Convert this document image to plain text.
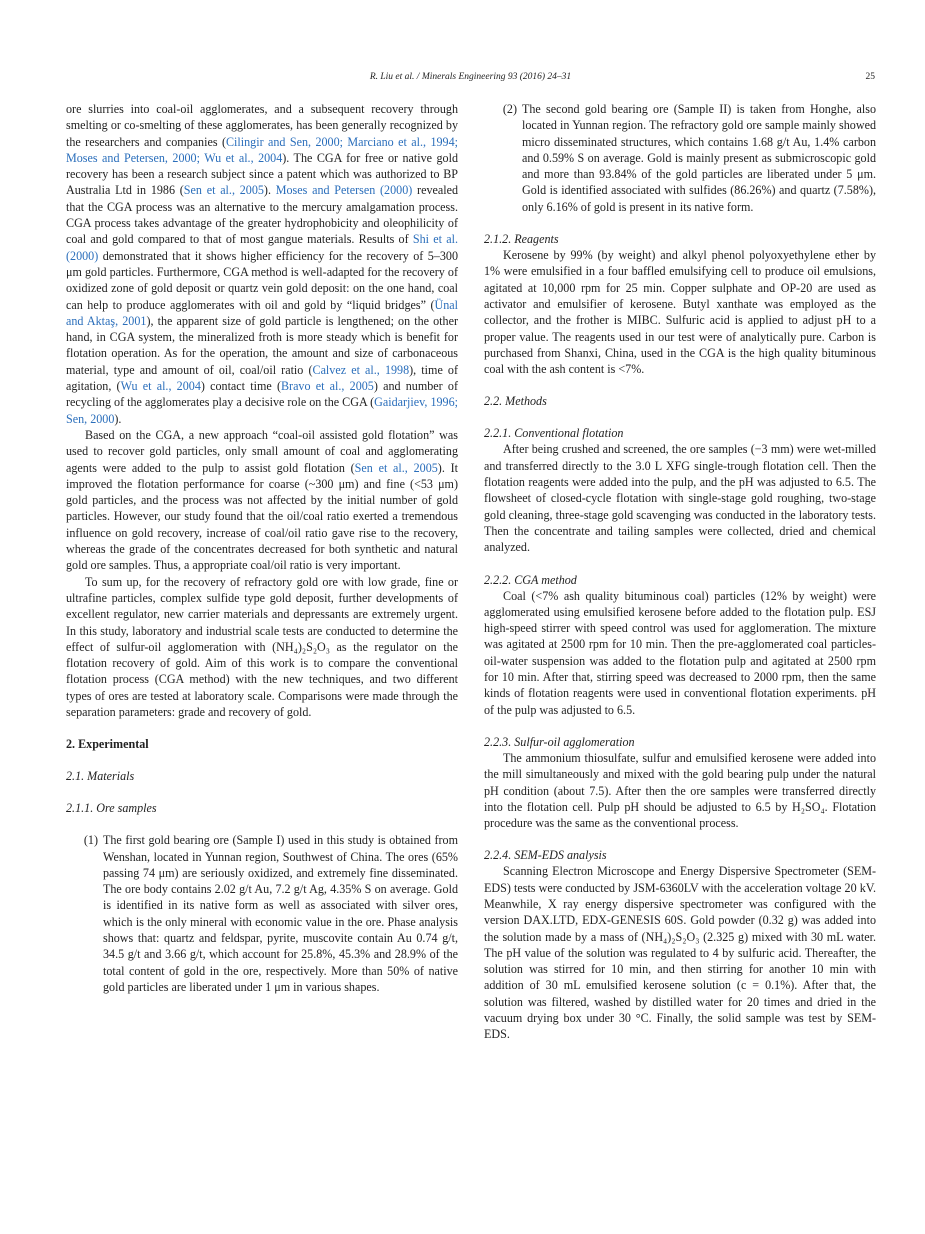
R. Liu et al. / Minerals Engineering 93 (2016) 24–31	25

ore slurries into coal-oil agglomerates, and a subsequent recovery through smelting or co-smelting of these agglomerates, has been generally recognized by the researchers and companies (Cilingir and Sen, 2000; Marciano et al., 1994; Moses and Petersen, 2000; Wu et al., 2004). The CGA for free or native gold recovery has been a research subject since a patent which was authorized to BP Australia Ltd in 1986 (Sen et al., 2005). Moses and Petersen (2000) revealed that the CGA process was an alternative to the mercury amalgamation process. CGA process takes advantage of the greater hydrophobicity and oleophilicity of coal and gold compared to that of most gangue materials. Results of Shi et al. (2000) demonstrated that it shows higher efficiency for the recovery of 5–300 μm gold particles. Furthermore, CGA method is well-adapted for the recovery of oxidized zone of gold deposit or quartz vein gold deposit: on the one hand, coal can help to produce agglomerates with oil and gold by “liquid bridges” (Ünal and Aktaş, 2001), the apparent size of gold particle is lengthened; on the other hand, in CGA system, the mineralized froth is more steady which is benefit for flotation operation. As for the operation, the amount and size of carbonaceous material, type and amount of oil, coal/oil ratio (Calvez et al., 1998), time of agitation, (Wu et al., 2004) contact time (Bravo et al., 2005) and number of recycling of the agglomerates play a decisive role on the CGA (Gaidarjiev, 1996; Sen, 2000).

Based on the CGA, a new approach “coal-oil assisted gold flotation” was used to recover gold particles, only small amount of coal and agglomerating agents were added to the pulp to assist gold flotation (Sen et al., 2005). It improved the flotation performance for coarse (~300 μm) and fine (<53 μm) gold particles, and the process was not affected by the initial number of gold particles. However, our study found that the oil/coal ratio exerted a tremendous influence on gold recovery, increase of coal/oil ratio gave rise to the recovery, whereas the grade of the concentrates decreased for both synthetic and natural gold ore samples. Thus, a appropriate coal/oil ratio is very important.

To sum up, for the recovery of refractory gold ore with low grade, fine or ultrafine particles, complex sulfide type gold deposit, further developments of excellent regulator, new carrier materials and depressants are extremely urgent. In this study, laboratory and industrial scale tests are conducted to determine the effect of sulfur-oil agglomeration with (NH₄)₂S₂O₃ as the regulator on the flotation recovery of gold. Aim of this work is to compare the conventional flotation process (CGA method) with the new techniques, and two different types of ores are tested at laboratory scale. Comparisons were made through the separation parameters: grade and recovery of gold.

2. Experimental
2.1. Materials
2.1.1. Ore samples
(1) The first gold bearing ore (Sample I) used in this study is obtained from Wenshan, located in Yunnan region, Southwest of China. The ores (65% passing 74 μm) are seriously oxidized, and extremely fine disseminated. The ore body contains 2.02 g/t Au, 7.2 g/t Ag, 4.35% S on average. Gold is identified in its native form as well as associated with silver ores, which is the only mineral with economic value in the ore. Phase analysis shows that: quartz and feldspar, pyrite, muscovite contain Au 0.74 g/t, 34.5 g/t and 3.66 g/t, which account for 25.8%, 45.3% and 28.9% of the total content of gold in the ore, respectively. More than 50% of native gold particles are liberated under 1 μm in various shapes.

(2) The second gold bearing ore (Sample II) is taken from Honghe, also located in Yunnan region. The refractory gold ore sample mainly showed micro disseminated structures, which contains 1.68 g/t Au, 1.4% carbon and 0.59% S on average. Gold is mainly present as submicroscopic gold and more than 93.84% of the gold particles are liberated under 5 μm. Gold is identified associated with sulfides (86.26%) and quartz (7.58%), only 6.16% of gold is present in its native form.

2.1.2. Reagents

Kerosene by 99% (by weight) and alkyl phenol polyoxyethylene ether by 1% were emulsified in a four baffled emulsifying cell to produce oil emulsions, agitated at 10,000 rpm for 25 min. Copper sulphate and OP-20 are used as activator and emulsifier of kerosene. Butyl xanthate was employed as the collector, and the frother is MIBC. Sulfuric acid is applied to adjust pH to a proper value. The reagents used in our test were of analytically pure. Carbon is purchased from Shanxi, China, used in the CGA is the high quality bituminous coal with the ash content is <7%.

2.2. Methods
2.2.1. Conventional flotation

After being crushed and screened, the ore samples (−3 mm) were wet-milled and transferred directly to the 3.0 L XFG single-trough flotation cell. Then the flotation reagents were added into the pulp, and the pH was adjusted to 6.5. The flowsheet of closed-cycle flotation with single-stage gold roughing, two-stage gold cleaning, three-stage gold scavenging was conducted in the laboratory tests. Then the concentrate and tailing samples were collected, dried and chemical analyzed.

2.2.2. CGA method

Coal (<7% ash quality bituminous coal) particles (12% by weight) were agglomerated using emulsified kerosene before added to the flotation pulp. ESJ high-speed stirrer with speed control was used for agglomeration. The mixture was agitated at 2500 rpm for 10 min. Then the pre-agglomerated coal particles-oil-water suspension was added to the flotation pulp and agitated at 2500 rpm for 10 min. After that, stirring speed was decreased to 2000 rpm, then the same kinds of flotation reagents were used in conventional flotation experiments. pH of the pulp was adjusted to 6.5.

2.2.3. Sulfur-oil agglomeration

The ammonium thiosulfate, sulfur and emulsified kerosene were added into the mill simultaneously and mixed with the gold bearing pulp under the natural pH condition (about 7.5). After then the ore samples were transferred directly into the flotation cell. Pulp pH should be adjusted to 6.5 by H₂SO₄. Flotation procedure was the same as the conventional process.

2.2.4. SEM-EDS analysis

Scanning Electron Microscope and Energy Dispersive Spectrometer (SEM-EDS) tests were conducted by JSM-6360LV with the acceleration voltage 20 kV. Meanwhile, X ray energy dispersive spectrometer was configured with the version DAX.LTD, EDX-GENESIS 60S. Gold powder (0.32 g) was added into the solution made by a mass of (NH₄)₂S₂O₃ (2.325 g) mixed with 30 mL water. The pH value of the solution was regulated to 4 by sulfuric acid. Thereafter, the solution was stirred for 10 min, and then stirring for another 10 min with addition of 30 mL emulsified kerosene solution (c = 0.1%). After that, the solution was filtered, washed by distilled water for 20 times and dried in the vacuum drying box under 30 °C. Finally, the solid sample was test by SEM-EDS.
